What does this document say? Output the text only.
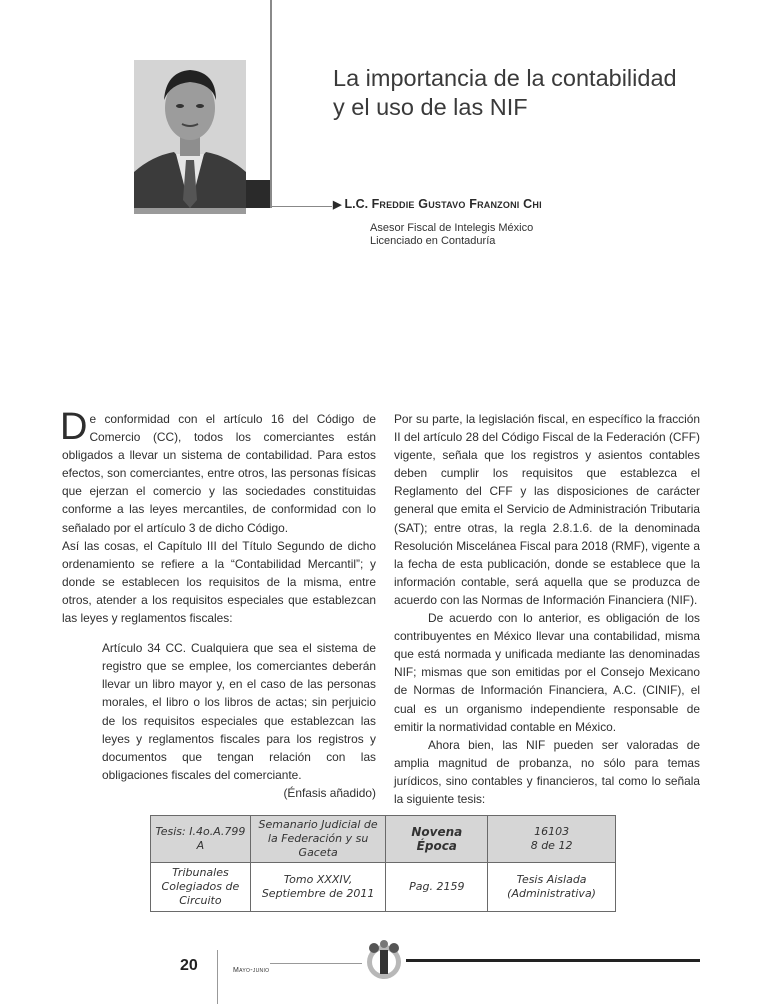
La importancia de la contabilidad
y el uso de las NIF
▶ L.C. Freddie Gustavo Franzoni Chi
Asesor Fiscal de Intelegis México
Licenciado en Contaduría

De conformidad con el artículo 16 del Código de Comercio (CC), todos los comerciantes están obligados a llevar un sistema de contabilidad. Para estos efectos, son comerciantes, entre otros, las personas físicas que ejerzan el comercio y las sociedades constituidas conforme a las leyes mercantiles, de conformidad con lo señalado por el artículo 3 de dicho Código.

Así las cosas, el Capítulo III del Título Segundo de dicho ordenamiento se refiere a la “Contabilidad Mercantil”; y donde se establecen los requisitos de la misma, entre otros, atender a los requisitos especiales que establezcan las leyes y reglamentos fiscales:

Artículo 34 CC. Cualquiera que sea el sistema de registro que se emplee, los comerciantes deberán llevar un libro mayor y, en el caso de las personas morales, el libro o los libros de actas; sin perjuicio de los requisitos especiales que establezcan las leyes y reglamentos fiscales para los registros y documentos que tengan relación con las obligaciones fiscales del comerciante.

(Énfasis añadido)

Por su parte, la legislación fiscal, en específico la fracción II del artículo 28 del Código Fiscal de la Federación (CFF) vigente, señala que los registros y asientos contables deben cumplir los requisitos que establezca el Reglamento del CFF y las disposiciones de carácter general que emita el Servicio de Administración Tributaria (SAT); entre otras, la regla 2.8.1.6. de la denominada Resolución Miscelánea Fiscal para 2018 (RMF), vigente a la fecha de esta publicación, donde se establece que la información contable, será aquella que se produzca de acuerdo con las Normas de Información Financiera (NIF).

De acuerdo con lo anterior, es obligación de los contribuyentes en México llevar una contabilidad, misma que está normada y unificada mediante las denominadas NIF; mismas que son emitidas por el Consejo Mexicano de Normas de Información Financiera, A.C. (CINIF), el cual es un organismo independiente responsable de emitir la normatividad contable en México.

Ahora bien, las NIF pueden ser valoradas de amplia magnitud de probanza, no sólo para temas jurídicos, sino contables y financieros, tal como lo señala la siguiente tesis:

Tesis: I.4o.A.799 A	Semanario Judicial de la Federación y su Gaceta	Novena Época	16103
8 de 12
Tribunales Colegiados de Circuito	Tomo XXXIV, Septiembre de 2011	Pag. 2159	Tesis Aislada (Administrativa)
20	Mayo-junio
